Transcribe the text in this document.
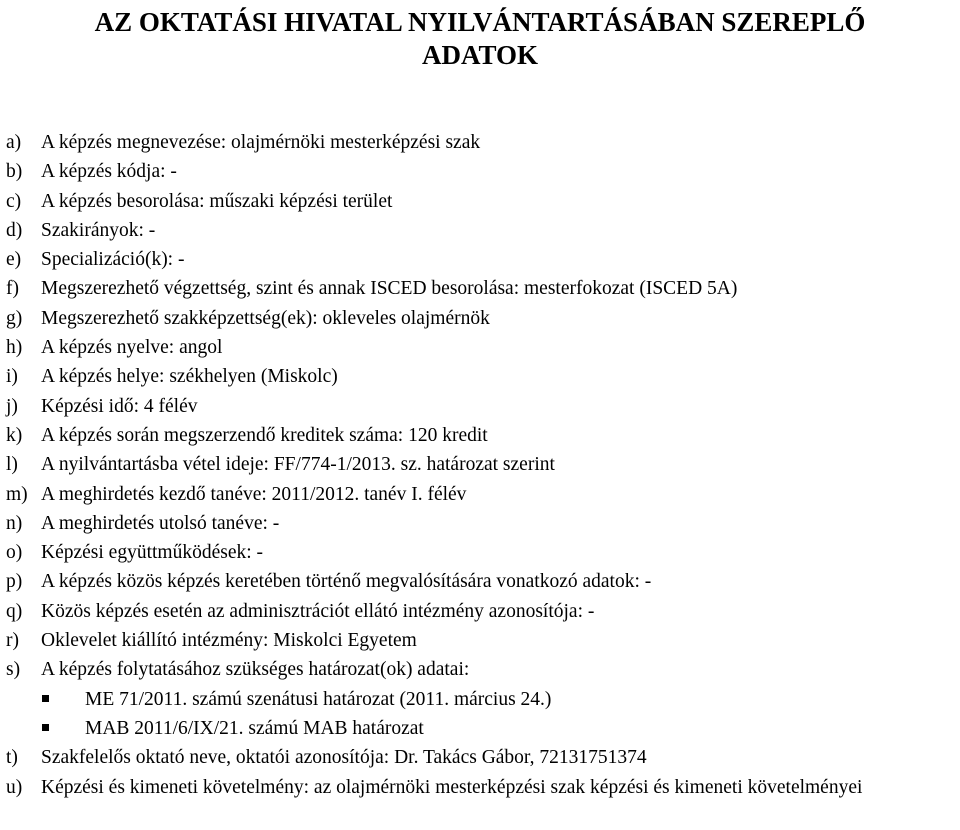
AZ OKTATÁSI HIVATAL NYILVÁNTARTÁSÁBAN SZEREPLŐ
ADATOK
a)	A képzés megnevezése: olajmérnöki mesterképzési szak
b) A képzés kódja: -
c)	A képzés besorolása: műszaki képzési terület
d) Szakirányok: -
e)	Specializáció(k): -
f)	Megszerezhető végzettség, szint és annak ISCED besorolása: mesterfokozat (ISCED 5A)
g) Megszerezhető szakképzettség(ek): okleveles olajmérnök
h) A képzés nyelve: angol
i)	A képzés helye: székhelyen (Miskolc)
j)	Képzési idő: 4 félév
k) A képzés során megszerzendő kreditek száma: 120 kredit
l)	A nyilvántartásba vétel ideje: FF/774-1/2013. sz. határozat szerint
m) A meghirdetés kezdő tanéve: 2011/2012. tanév I. félév
n) A meghirdetés utolsó tanéve: -
o) Képzési együttműködések: -
p) A képzés közös képzés keretében történő megvalósítására vonatkozó adatok: -
q) Közös képzés esetén az adminisztrációt ellátó intézmény azonosítója: -
r)	Oklevelet kiállító intézmény: Miskolci Egyetem
s)	A képzés folytatásához szükséges határozat(ok) adatai:
ME 71/2011. számú szenátusi határozat (2011. március 24.)
MAB 2011/6/IX/21. számú MAB határozat
t)	Szakfelelős oktató neve, oktatói azonosítója: Dr. Takács Gábor, 72131751374
u) Képzési és kimeneti követelmény: az olajmérnöki mesterképzési szak képzési és kimeneti követelményei
